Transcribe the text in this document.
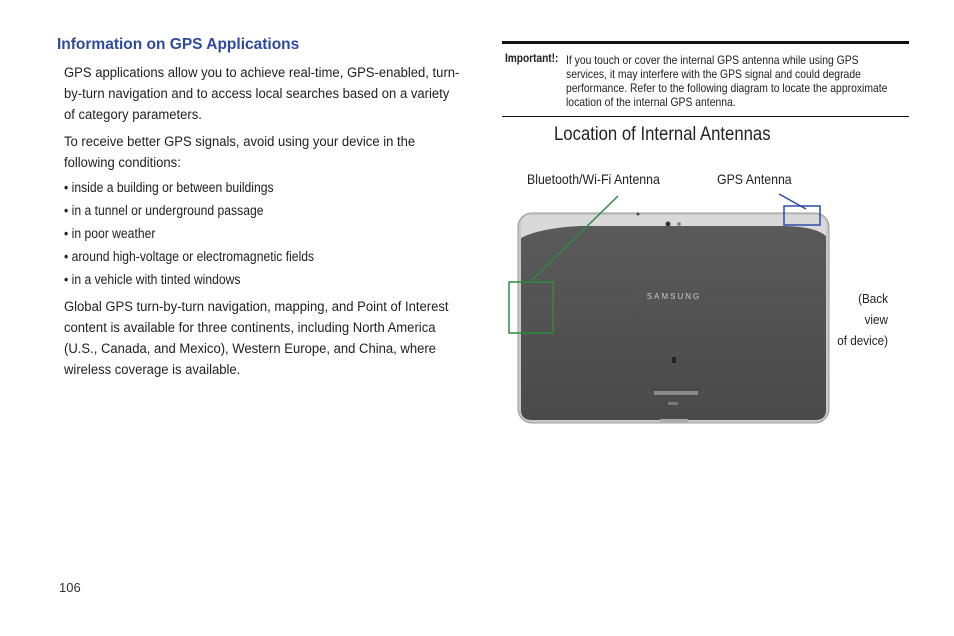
Information on GPS Applications

GPS applications allow you to achieve real-time, GPS-enabled, turn-by-turn navigation and to access local searches based on a variety of category parameters.

To receive better GPS signals, avoid using your device in the following conditions:

• inside a building or between buildings
• in a tunnel or underground passage
• in poor weather
• around high-voltage or electromagnetic fields
• in a vehicle with tinted windows

Global GPS turn-by-turn navigation, mapping, and Point of Interest content is available for three continents, including North America (U.S., Canada, and Mexico), Western Europe, and China, where wireless coverage is available.

106
Important!: If you touch or cover the internal GPS antenna while using GPS services, it may interfere with the GPS signal and could degrade performance. Refer to the following diagram to locate the approximate location of the internal GPS antenna.

Location of Internal Antennas
SAMSUNG
Bluetooth/Wi-Fi Antenna	GPS Antenna
(Back view
of device)
